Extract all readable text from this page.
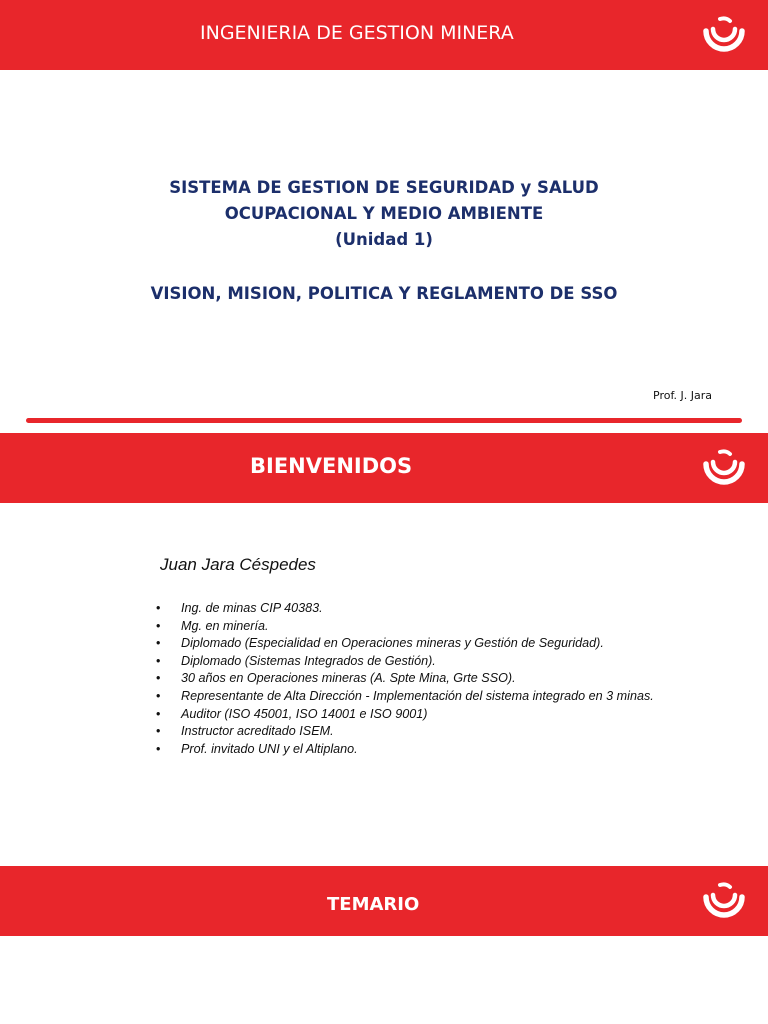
INGENIERIA DE GESTION MINERA
SISTEMA DE GESTION DE SEGURIDAD y SALUD
OCUPACIONAL Y MEDIO AMBIENTE
(Unidad 1)
VISION, MISION, POLITICA Y REGLAMENTO DE SSO
Prof. J. Jara
BIENVENIDOS
Juan Jara Céspedes
• Ing. de minas CIP 40383.
• Mg. en minería.
• Diplomado (Especialidad en Operaciones mineras y Gestión de Seguridad).
• Diplomado (Sistemas Integrados de Gestión).
• 30 años en Operaciones mineras (A. Spte Mina, Grte SSO).
• Representante de Alta Dirección - Implementación del sistema integrado en 3 minas.
• Auditor (ISO 45001, ISO 14001 e ISO 9001)
• Instructor acreditado ISEM.
• Prof. invitado UNI y el Altiplano.
TEMARIO
